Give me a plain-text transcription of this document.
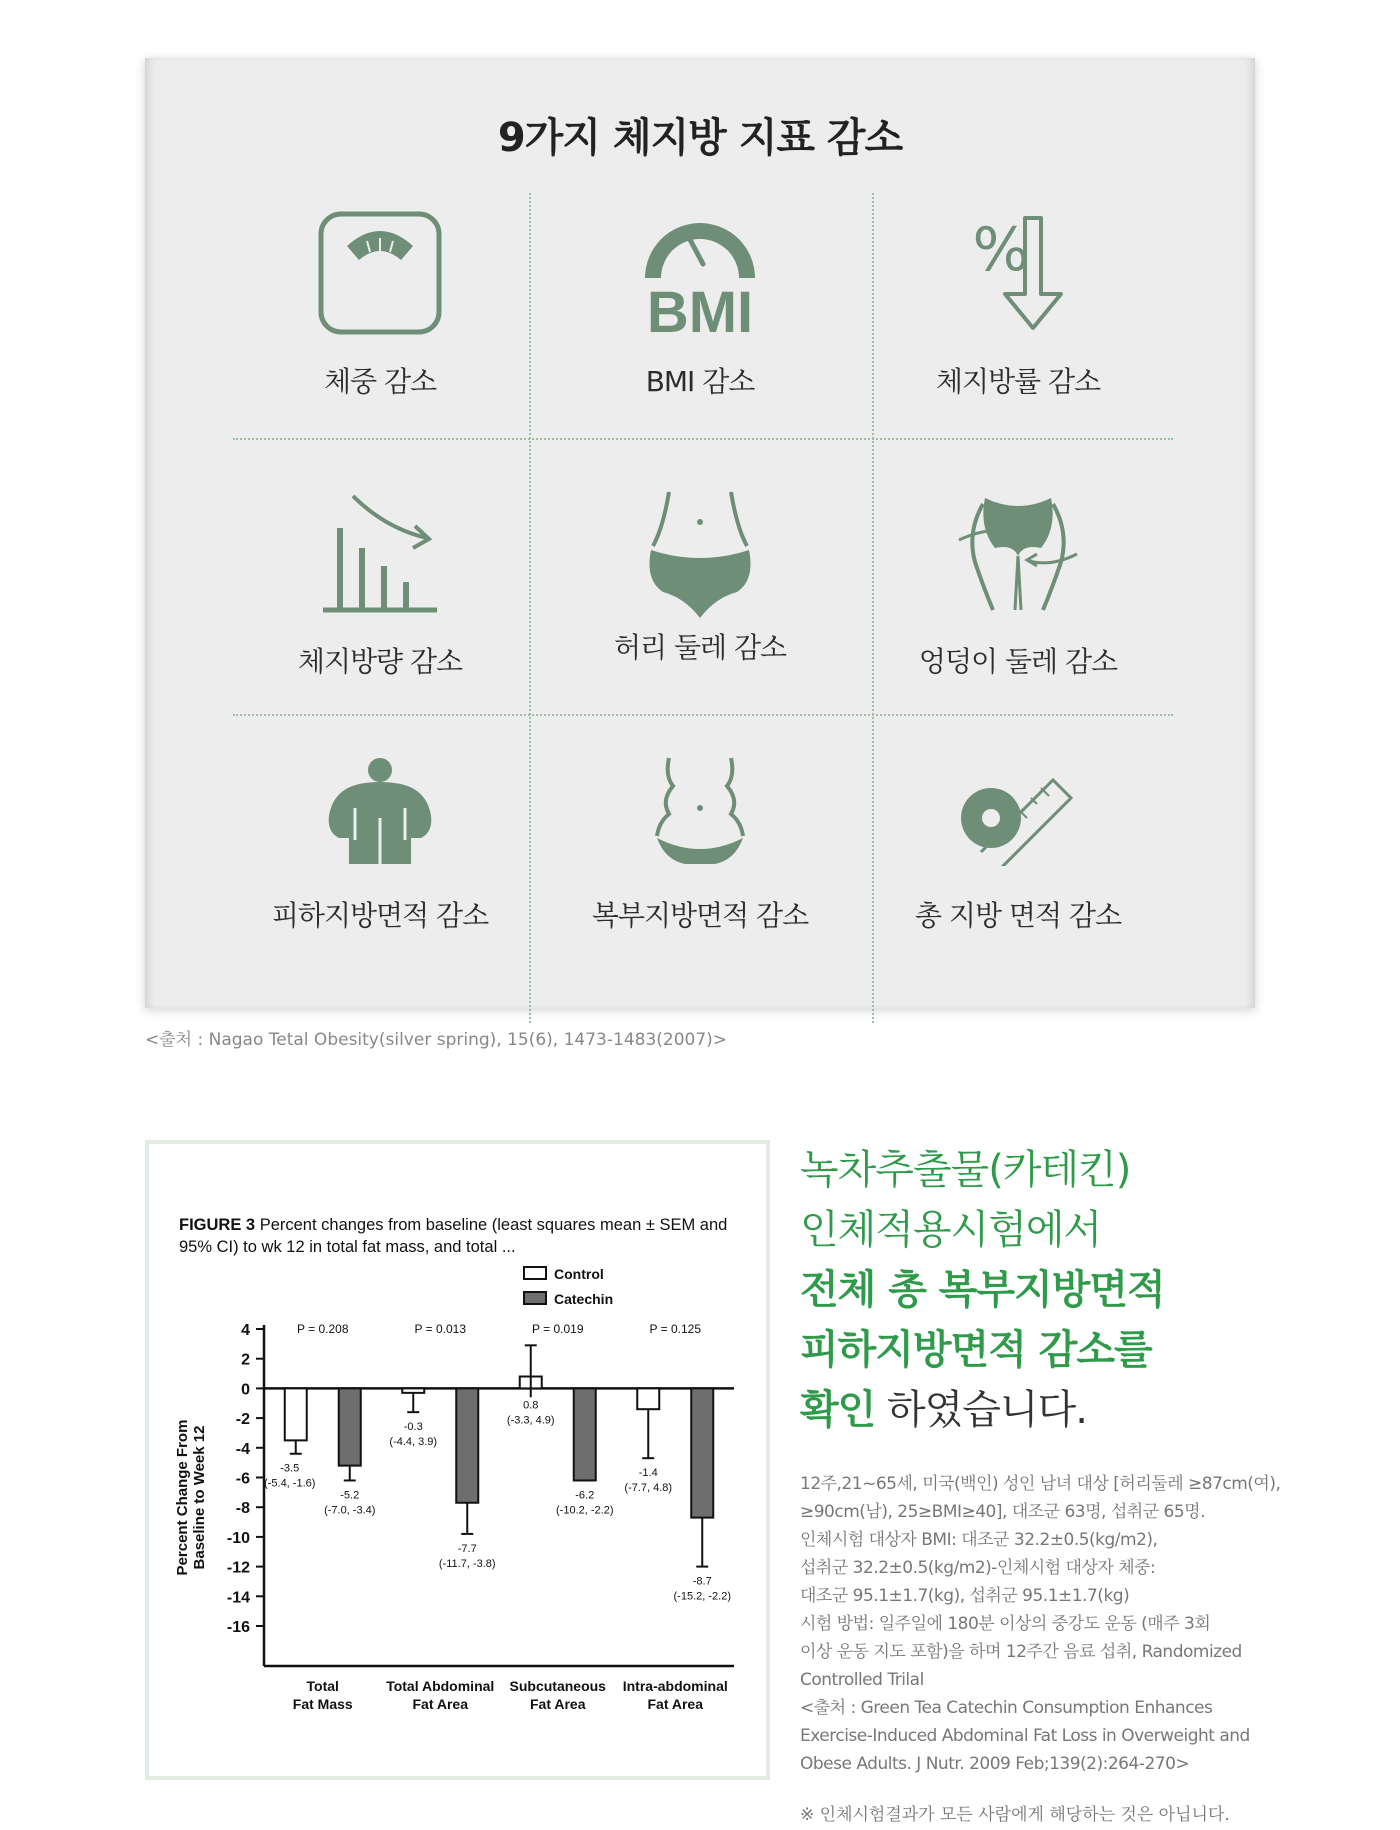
9가지 체지방 지표 감소
체중 감소
BMI
BMI 감소
%
체지방률 감소
체지방량 감소	허리 둘레 감소	엉덩이 둘레 감소
피하지방면적 감소	복부지방면적 감소	총 지방 면적 감소
<출처 : Nagao Tetal Obesity(silver spring), 15(6), 1473-1483(2007)>
FIGURE 3 Percent changes from baseline (least squares mean ± SEM and 95% CI) to wk 12 in total fat mass, and total ...
4
2
0
-2
-4
-6
-8
-10
-12
-14
-16
Percent Change FromBaseline to Week 12
Control
Catechin
P = 0.208
Total
Fat Mass
-3.5
(-5.4, -1.6)
-5.2
(-7.0, -3.4)
P = 0.013
Total Abdominal
Fat Area
-0.3
(-4.4, 3.9)
-7.7
(-11.7, -3.8)
P = 0.019
Subcutaneous
Fat Area
0.8
(-3.3, 4.9)
-6.2
(-10.2, -2.2)
P = 0.125
Intra-abdominal
Fat Area
-1.4
(-7.7, 4.8)
-8.7
(-15.2, -2.2)
녹차추출물(카테킨)
인체적용시험에서
전체 총 복부지방면적
피하지방면적 감소를
확인 하였습니다.
12주,21~65세, 미국(백인) 성인 남녀 대상 [허리둘레 ≥87cm(여),
≥90cm(남), 25≥BMI≥40], 대조군 63명, 섭취군 65명.
인체시험 대상자 BMI: 대조군 32.2±0.5(kg/m2),
섭취군 32.2±0.5(kg/m2)-인체시험 대상자 체중:
대조군 95.1±1.7(kg), 섭취군 95.1±1.7(kg)
시험 방법: 일주일에 180분 이상의 중강도 운동 (매주 3회
이상 운동 지도 포함)을 하며 12주간 음료 섭취, Randomized
Controlled Trilal
<출처 : Green Tea Catechin Consumption Enhances
Exercise-Induced Abdominal Fat Loss in Overweight and
Obese Adults. J Nutr. 2009 Feb;139(2):264-270>
※ 인체시험결과가 모든 사람에게 해당하는 것은 아닙니다.
